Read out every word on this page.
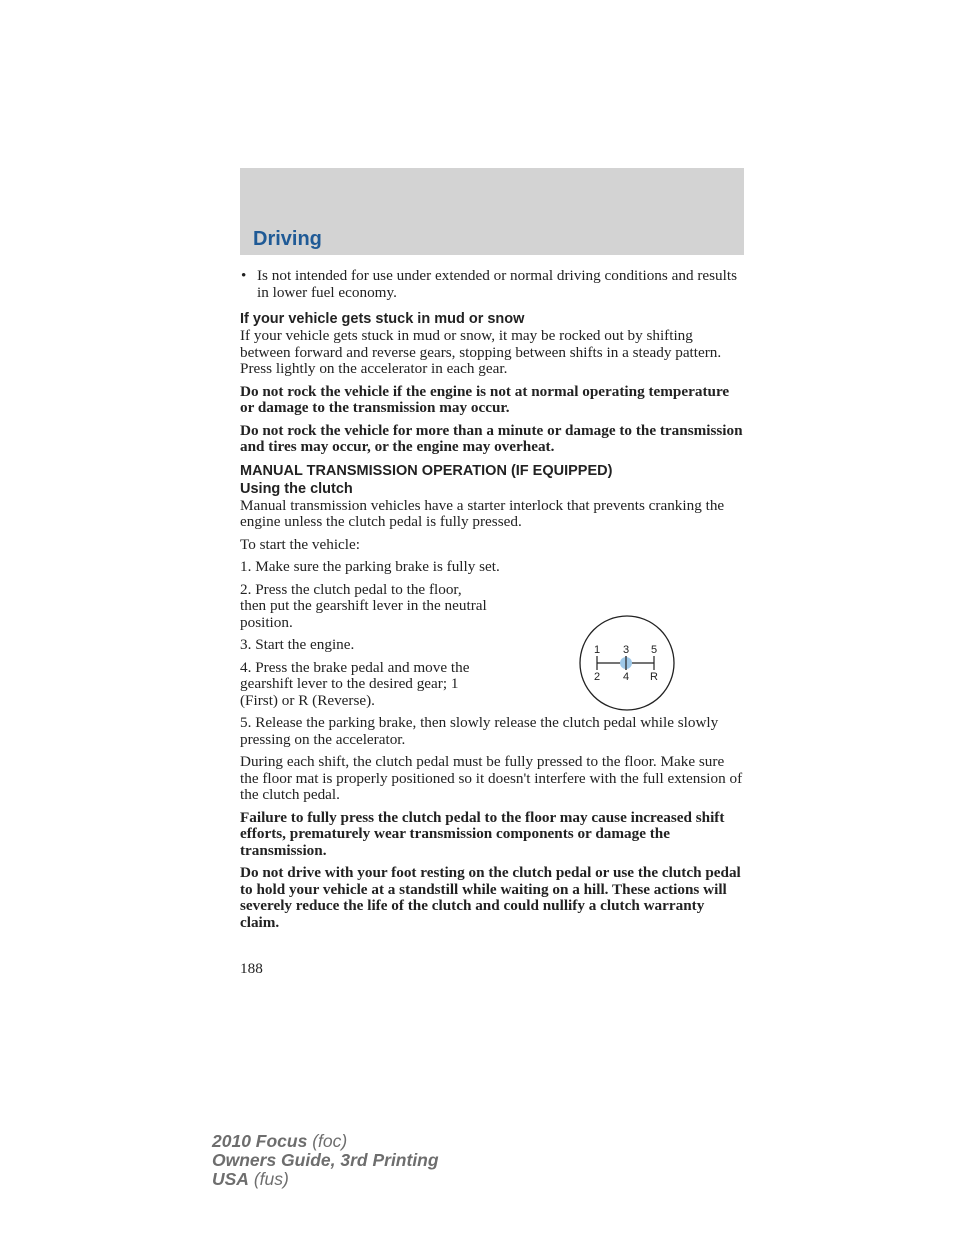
Driving
• Is not intended for use under extended or normal driving conditions and results in lower fuel economy.

If your vehicle gets stuck in mud or snow

If your vehicle gets stuck in mud or snow, it may be rocked out by shifting between forward and reverse gears, stopping between shifts in a steady pattern. Press lightly on the accelerator in each gear.

Do not rock the vehicle if the engine is not at normal operating temperature or damage to the transmission may occur.

Do not rock the vehicle for more than a minute or damage to the transmission and tires may occur, or the engine may overheat.

MANUAL TRANSMISSION OPERATION (IF EQUIPPED)

Using the clutch

Manual transmission vehicles have a starter interlock that prevents cranking the engine unless the clutch pedal is fully pressed.

To start the vehicle:

1. Make sure the parking brake is fully set.

2. Press the clutch pedal to the floor, then put the gearshift lever in the neutral position.

3. Start the engine.

4. Press the brake pedal and move the gearshift lever to the desired gear; 1 (First) or R (Reverse).

5. Release the parking brake, then slowly release the clutch pedal while slowly pressing on the accelerator.

During each shift, the clutch pedal must be fully pressed to the floor. Make sure the floor mat is properly positioned so it doesn't interfere with the full extension of the clutch pedal.

Failure to fully press the clutch pedal to the floor may cause increased shift efforts, prematurely wear transmission components or damage the transmission.

Do not drive with your foot resting on the clutch pedal or use the clutch pedal to hold your vehicle at a standstill while waiting on a hill. These actions will severely reduce the life of the clutch and could nullify a clutch warranty claim.

1 3 5
2 4 R
188
2010 Focus (foc)
Owners Guide, 3rd Printing
USA (fus)
